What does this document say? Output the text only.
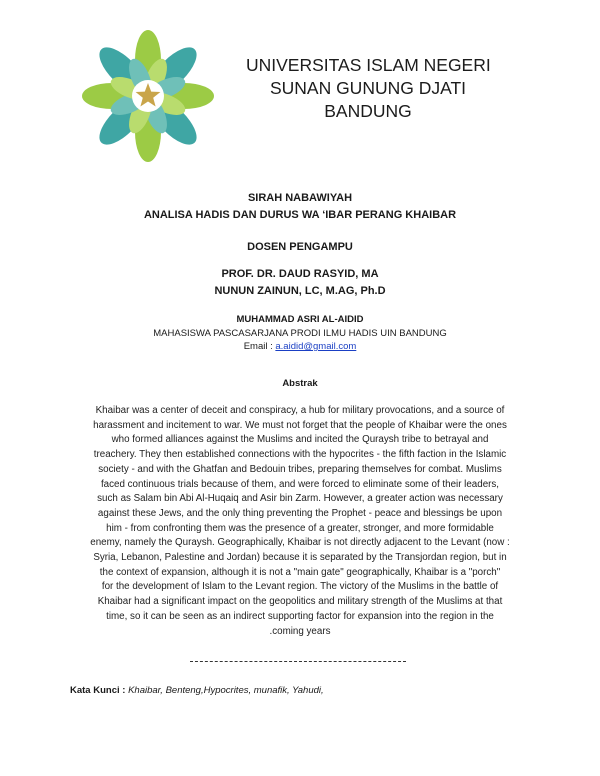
UNIVERSITAS ISLAM NEGERI
SUNAN GUNUNG DJATI
BANDUNG
SIRAH NABAWIYAH
ANALISA HADIS DAN DURUS WA ‘IBAR PERANG KHAIBAR
DOSEN PENGAMPU
PROF. DR. DAUD RASYID, MA
NUNUN ZAINUN, LC, M.AG, Ph.D
MUHAMMAD ASRI AL-AIDID
MAHASISWA PASCASARJANA PRODI ILMU HADIS UIN BANDUNG
Email : a.aidid@gmail.com
Abstrak
Khaibar was a center of deceit and conspiracy, a hub for military provocations, and a source of
harassment and incitement to war. We must not forget that the people of Khaibar were the ones
who formed alliances against the Muslims and incited the Quraysh tribe to betrayal and
treachery. They then established connections with the hypocrites - the fifth faction in the Islamic
society - and with the Ghatfan and Bedouin tribes, preparing themselves for combat. Muslims
faced continuous trials because of them, and were forced to eliminate some of their leaders,
such as Salam bin Abi Al-Huqaiq and Asir bin Zarm. However, a greater action was necessary
against these Jews, and the only thing preventing the Prophet - peace and blessings be upon
him - from confronting them was the presence of a greater, stronger, and more formidable
enemy, namely the Quraysh. Geographically, Khaibar is not directly adjacent to the Levant (now :
Syria, Lebanon, Palestine and Jordan) because it is separated by the Transjordan region, but in
the context of expansion, although it is not a "main gate" geographically, Khaibar is a "porch"
for the development of Islam to the Levant region. The victory of the Muslims in the battle of
Khaibar had a significant impact on the geopolitics and military strength of the Muslims at that
time, so it can be seen as an indirect supporting factor for expansion into the region in the
.coming years
Kata Kunci : Khaibar, Benteng,Hypocrites, munafik, Yahudi,
